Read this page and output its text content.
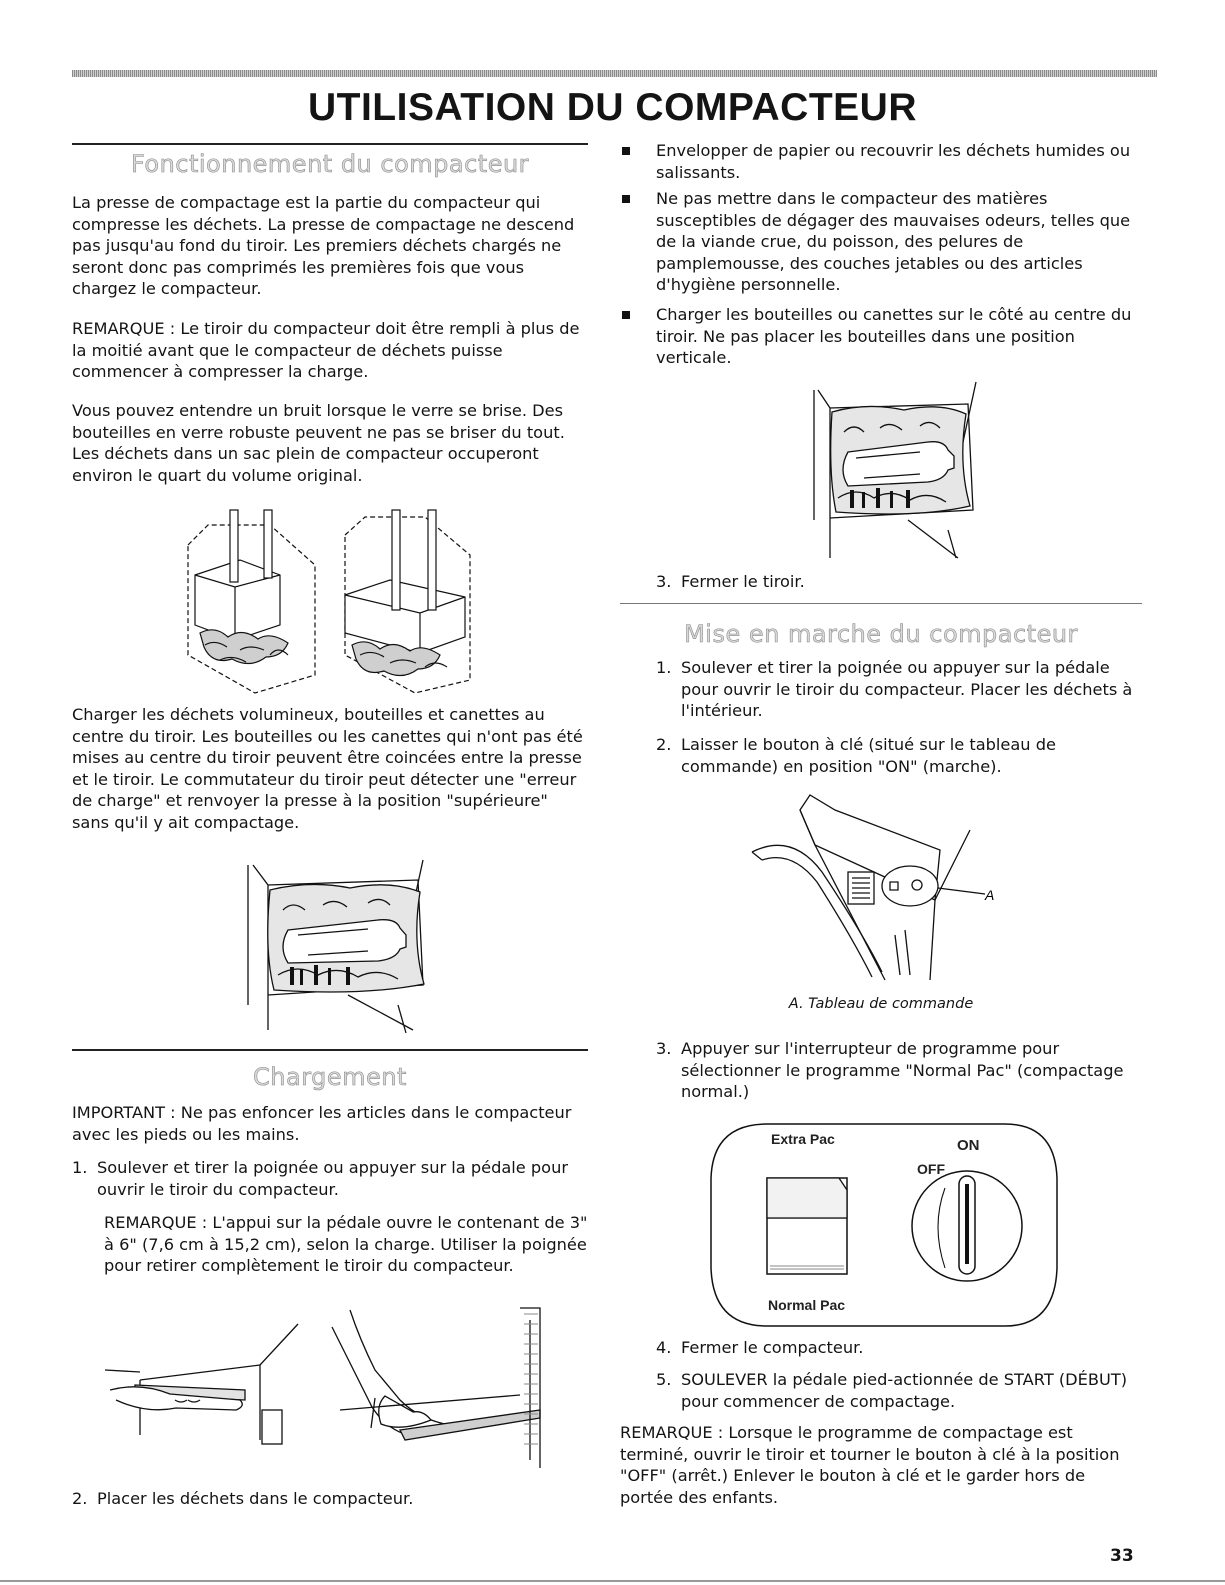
UTILISATION DU COMPACTEUR
Fonctionnement du compacteur

La presse de compactage est la partie du compacteur qui compresse les déchets. La presse de compactage ne descend pas jusqu'au fond du tiroir. Les premiers déchets chargés ne seront donc pas comprimés les premières fois que vous chargez le compacteur.

REMARQUE : Le tiroir du compacteur doit être rempli à plus de la moitié avant que le compacteur de déchets puisse commencer à compresser la charge.

Vous pouvez entendre un bruit lorsque le verre se brise. Des bouteilles en verre robuste peuvent ne pas se briser du tout. Les déchets dans un sac plein de compacteur occuperont environ le quart du volume original.

Charger les déchets volumineux, bouteilles et canettes au centre du tiroir. Les bouteilles ou les canettes qui n'ont pas été mises au centre du tiroir peuvent être coincées entre la presse et le tiroir. Le commutateur du tiroir peut détecter une "erreur de charge" et renvoyer la presse à la position "supérieure" sans qu'il y ait compactage.

Chargement

IMPORTANT : Ne pas enfoncer les articles dans le compacteur avec les pieds ou les mains.

1. Soulever et tirer la poignée ou appuyer sur la pédale pour ouvrir le tiroir du compacteur.

REMARQUE : L'appui sur la pédale ouvre le contenant de 3" à 6" (7,6 cm à 15,2 cm), selon la charge. Utiliser la poignée pour retirer complètement le tiroir du compacteur.

2. Placer les déchets dans le compacteur.
Envelopper de papier ou recouvrir les déchets humides ou salissants.
Ne pas mettre dans le compacteur des matières susceptibles de dégager des mauvaises odeurs, telles que de la viande crue, du poisson, des pelures de pamplemousse, des couches jetables ou des articles d'hygiène personnelle.
Charger les bouteilles ou canettes sur le côté au centre du tiroir. Ne pas placer les bouteilles dans une position verticale.
3. Fermer le tiroir.
Mise en marche du compacteur
1. Soulever et tirer la poignée ou appuyer sur la pédale pour ouvrir le tiroir du compacteur. Placer les déchets à l'intérieur.
2. Laisser le bouton à clé (situé sur le tableau de commande) en position "ON" (marche).
A
A. Tableau de commande
3. Appuyer sur l'interrupteur de programme pour sélectionner le programme "Normal Pac" (compactage normal.)
Extra Pac	ON
OFF
Normal Pac
4. Fermer le compacteur.
5. SOULEVER la pédale pied-actionnée de START (DÉBUT) pour commencer de compactage.

REMARQUE : Lorsque le programme de compactage est terminé, ouvrir le tiroir et tourner le bouton à clé à la position "OFF" (arrêt.) Enlever le bouton à clé et le garder hors de portée des enfants.

33
